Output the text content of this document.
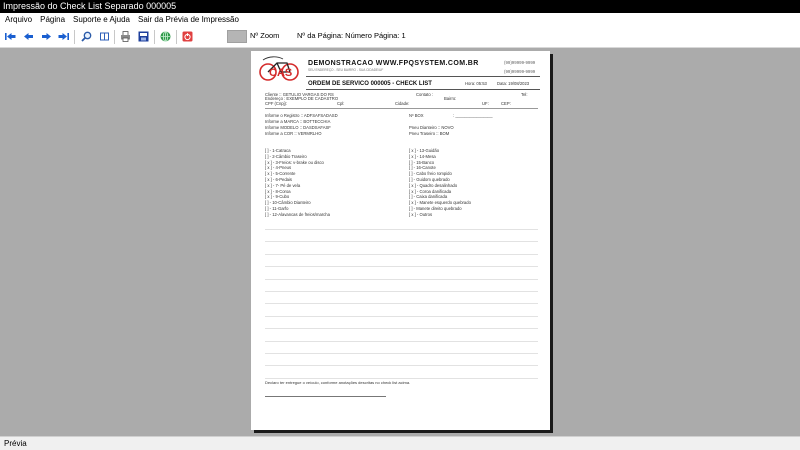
Impressão do Check List Separado 000005
Arquivo Página Suporte e Ajuda Sair da Prévia de Impressão
Nº Zoom Nº da Página: Número Página: 1
CAS
DEMONSTRACAO WWW.FPQSYSTEM.COM.BR
SEU ENDEREÇO - SEU BAIRRO - SUA CIDADE/UF
(99)99999-9999
(99)99999-9999
ORDEM DE SERVICO 000005 - CHECK LIST	Hora: 05:53 Data: 19/08/2023
Cliente :: GETULIO VARGAS DO RS	Contato :	Tel:
Endereço : EXEMPLO DE CADASTRO	Bairro:
CPF (Cnpj):	Cpl:	Cidade:	UF:	CEP:
Informe o Registro :: ADFSAFSADASD	Nº BOX	: ________________
Informe a MARCA :: BOTTECCHIA
Informe MODELO :: DASDSAFASF	Pneu Dianteiro :: NOVO
Informe a COR :: VERMRLHO	Pneu Traseiro :: BOM
[ ] - 1-Catraca
[ ] - 2-Câmbio Traseiro
[ x ] - 3-Freios: v-brake ou disco
[ x ] - 4-Pneus
[ x ] - 5-Corrente
[ x ] - 6-Pedais
[ x ] - 7- Pé de vela
[ x ] - 8-Coroa
[ x ] - 9-Cubo
[ ] - 10-Câmbio Dianteiro
[ ] - 11-Garfo
[ ] - 12-Alavancas de freios/marcha
[ x ] - 13-Guidão
[ x ] - 14-Mesa
[ ] - 15-Banco
[ ] - 16-Canote
[ ] - Cabo freio rompido
[ ] - Guidom quebrado
[ x ] - Quadro desalinhado
[ x ] - Coroa danificada
[ ] - Caixa danificada
[ x ] - Manete esquerdo quebrado
[ ] - Manete direito quebrado
[ x ] - Outros
Declaro ter entregue o veículo, conforme anotações descritas no check list acima.
Prévia
